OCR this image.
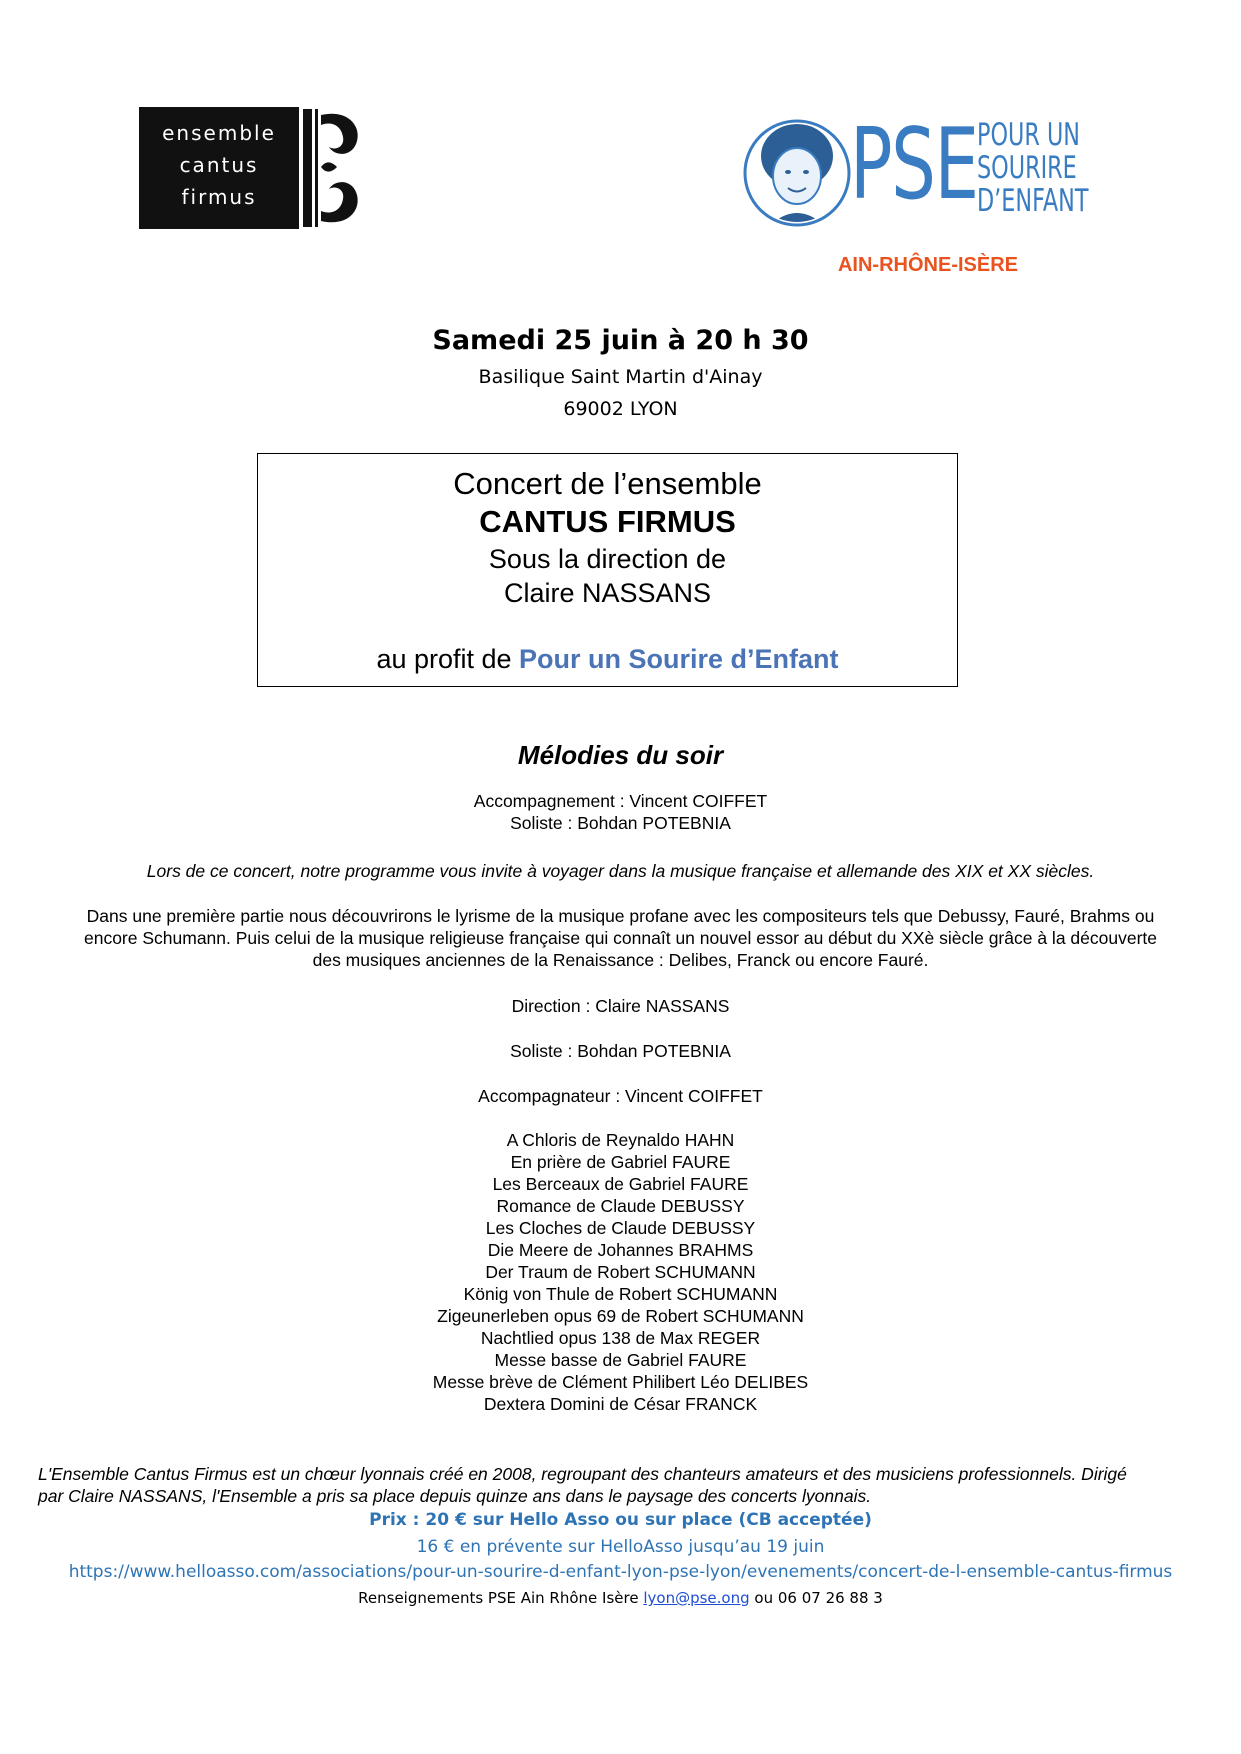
ensemble
cantus
firmus	PSE POUR UN
SOURIRE
D’ENFANT
AIN-RHÔNE-ISÈRE
Samedi 25 juin à 20 h 30
Basilique Saint Martin d'Ainay
69002 LYON
Concert de l’ensemble
CANTUS FIRMUS
Sous la direction de
Claire NASSANS
au profit de Pour un Sourire d’Enfant
Mélodies du soir
Accompagnement : Vincent COIFFET
Soliste : Bohdan POTEBNIA
Lors de ce concert, notre programme vous invite à voyager dans la musique française et allemande des XIX et XX siècles.
Dans une première partie nous découvrirons le lyrisme de la musique profane avec les compositeurs tels que Debussy, Fauré, Brahms ou
encore Schumann. Puis celui de la musique religieuse française qui connaît un nouvel essor au début du XXè siècle grâce à la découverte
des musiques anciennes de la Renaissance : Delibes, Franck ou encore Fauré.
Direction : Claire NASSANS
Soliste : Bohdan POTEBNIA
Accompagnateur : Vincent COIFFET
A Chloris de Reynaldo HAHN
En prière de Gabriel FAURE
Les Berceaux de Gabriel FAURE
Romance de Claude DEBUSSY
Les Cloches de Claude DEBUSSY
Die Meere de Johannes BRAHMS
Der Traum de Robert SCHUMANN
König von Thule de Robert SCHUMANN
Zigeunerleben opus 69 de Robert SCHUMANN
Nachtlied opus 138 de Max REGER
Messe basse de Gabriel FAURE
Messe brève de Clément Philibert Léo DELIBES
Dextera Domini de César FRANCK
L'Ensemble Cantus Firmus est un chœur lyonnais créé en 2008, regroupant des chanteurs amateurs et des musiciens professionnels. Dirigé
par Claire NASSANS, l'Ensemble a pris sa place depuis quinze ans dans le paysage des concerts lyonnais.
Prix : 20 € sur Hello Asso ou sur place (CB acceptée)
16 € en prévente sur HelloAsso jusqu’au 19 juin
https://www.helloasso.com/associations/pour-un-sourire-d-enfant-lyon-pse-lyon/evenements/concert-de-l-ensemble-cantus-firmus
Renseignements PSE Ain Rhône Isère lyon@pse.ong ou 06 07 26 88 3
